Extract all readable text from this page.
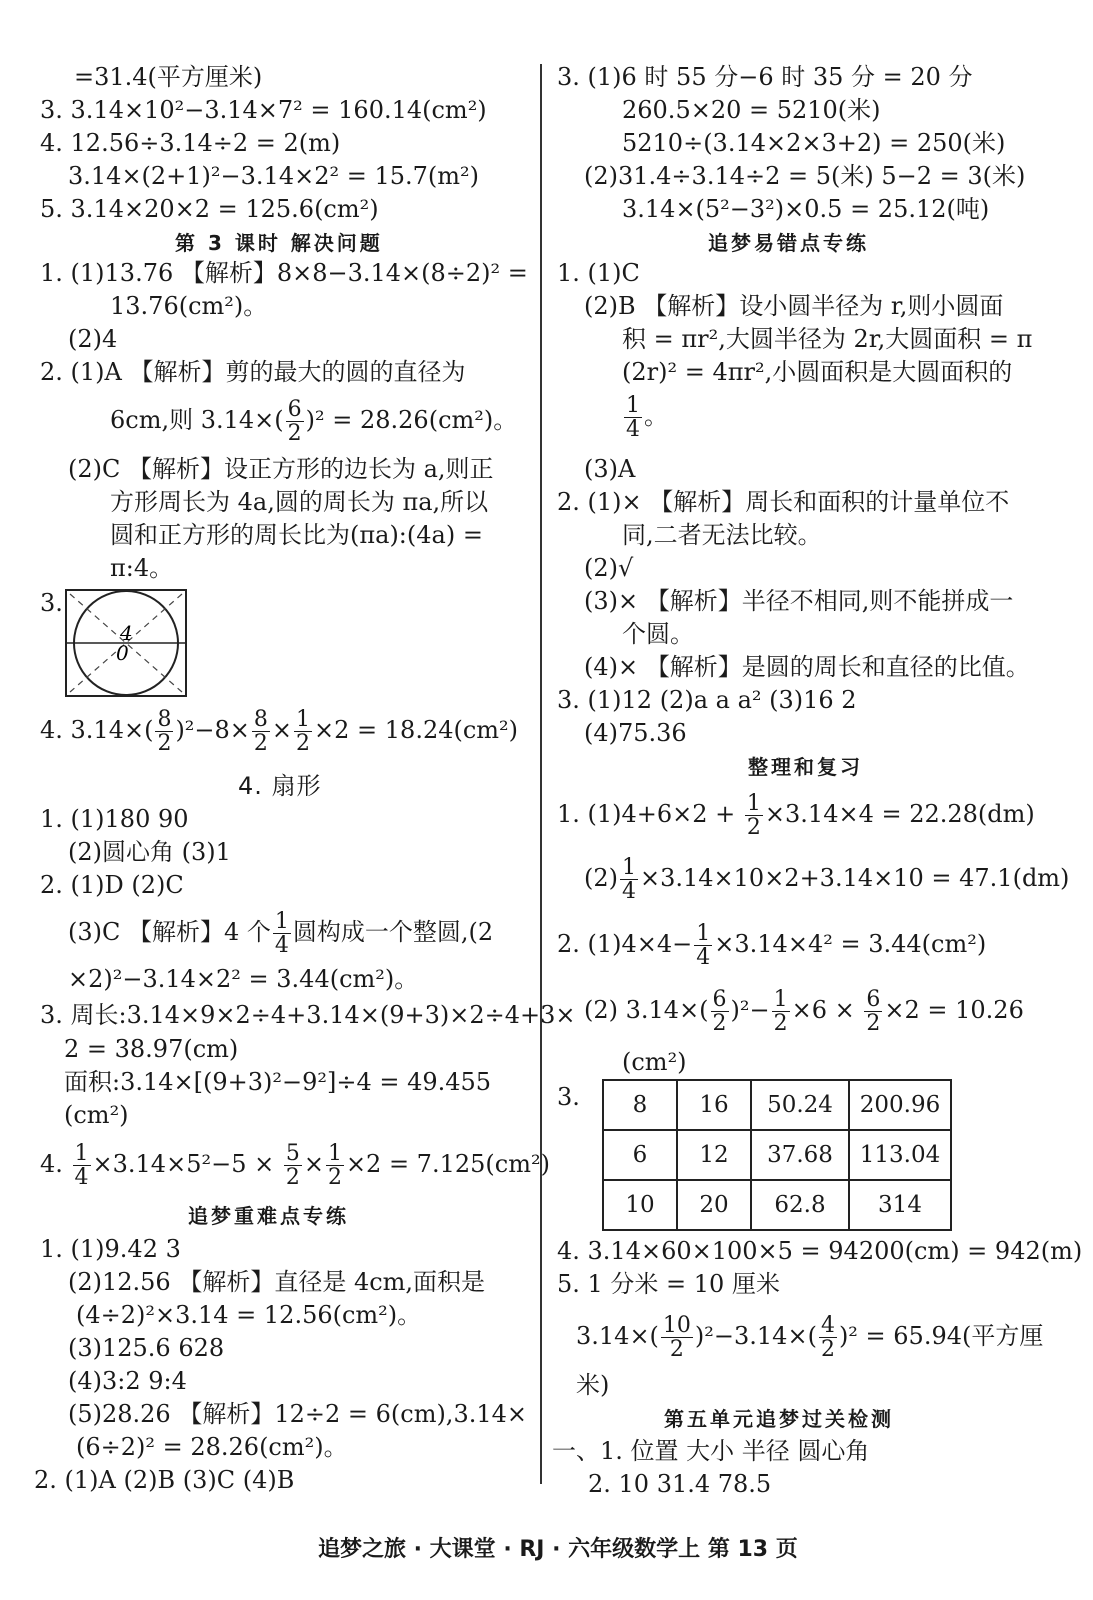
=31.4(平方厘米)
3. 3.14×10²−3.14×7² = 160.14(cm²)
4. 12.56÷3.14÷2 = 2(m)
3.14×(2+1)²−3.14×2² = 15.7(m²)
5. 3.14×20×2 = 125.6(cm²)
第 3 课时 解决问题
1. (1)13.76 【解析】8×8−3.14×(8÷2)² =
13.76(cm²)。
(2)4
2. (1)A 【解析】剪的最大的圆的直径为
6cm,则 $3.14\times( \frac{6}{2} )^2 = 28.26(cm^2)$。
(2)C 【解析】设正方形的边长为 a,则正
方形周长为 4a,圆的周长为 πa,所以
圆和正方形的周长比为(πa):(4a) =
π:4。
3.
4
0
4. $3.14\times( \frac{8}{2} )^2-8\times \frac{8}{2} \times \frac{1}{2} \times 2 = 18.24(cm^2)$
4. 扇形
1. (1)180 90
(2)圆心角 (3)1
2. (1)D (2)C
(3)C 【解析】4 个 $\frac{1}{4}$ 圆构成一个整圆,(2
×2)²−3.14×2² = 3.44(cm²)。
3. 周长:3.14×9×2÷4+3.14×(9+3)×2÷4+3×
2 = 38.97(cm)
面积:3.14×[(9+3)²−9²]÷4 = 49.455
(cm²)
4. $\frac{1}{4} \times 3.14\times 5^2-5 \times \frac{5}{2} \times \frac{1}{2} \times 2 = 7.125(cm^2)$
追梦重难点专练
1. (1)9.42 3
(2)12.56 【解析】直径是 4cm,面积是
(4÷2)²×3.14 = 12.56(cm²)。
(3)125.6 628
(4)3:2 9:4
(5)28.26 【解析】12÷2 = 6(cm),3.14×
(6÷2)² = 28.26(cm²)。
2. (1)A (2)B (3)C (4)B
3. (1)6 时 55 分−6 时 35 分 = 20 分
260.5×20 = 5210(米)
5210÷(3.14×2×3+2) = 250(米)
(2)31.4÷3.14÷2 = 5(米) 5−2 = 3(米)
3.14×(5²−3²)×0.5 = 25.12(吨)
追梦易错点专练
1. (1)C
(2)B 【解析】设小圆半径为 r,则小圆面
积 = πr²,大圆半径为 2r,大圆面积 = π
(2r)² = 4πr²,小圆面积是大圆面积的
$\frac{1}{4}$ 。
(3)A
2. (1)× 【解析】周长和面积的计量单位不
同,二者无法比较。
(2)√
(3)× 【解析】半径不相同,则不能拼成一
个圆。
(4)× 【解析】是圆的周长和直径的比值。
3. (1)12 (2)a a a² (3)16 2
(4)75.36
整理和复习
1. $(1)4+6\times 2 + \frac{1}{2} \times 3.14\times 4 = 22.28(dm)$
$(2) \frac{1}{4} \times 3.14\times 10\times 2+3.14\times 10 = 47.1(dm)$
2. $(1)4\times 4- \frac{1}{4} \times 3.14\times 4^2 = 3.44(cm^2)$
(2) $3.14\times( \frac{6}{2} )^2- \frac{1}{2} \times 6 \times \frac{6}{2} \times 2 = 10.26$
(cm²)
3. 8	16	50.24	200.96
6	12	37.68	113.04
10	20	62.8	314
4. 3.14×60×100×5 = 94200(cm) = 942(m)
5. 1 分米 = 10 厘米
$3.14\times( \frac{10}{2} )^2-3.14\times( \frac{4}{2} )^2 = 65.94$(平方厘
米)
第五单元追梦过关检测
一、1. 位置 大小 半径 圆心角
2. 10 31.4 78.5
追梦之旅 · 大课堂 · RJ · 六年级数学上 第 13 页
